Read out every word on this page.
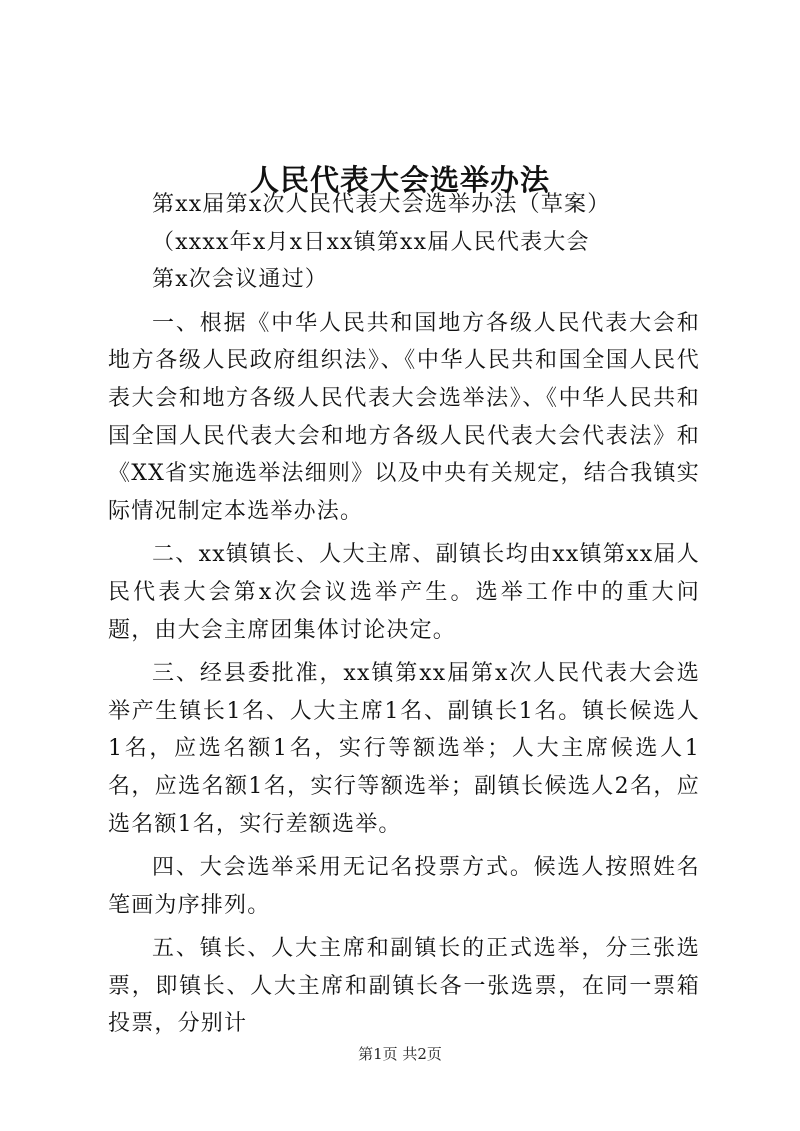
人民代表大会选举办法

第xx届第x次人民代表大会选举办法（草案）

（xxxx年x月x日xx镇第xx届人民代表大会

第x次会议通过）

一、根据《中华人民共和国地方各级人民代表大会和地方各级人民政府组织法》、《中华人民共和国全国人民代表大会和地方各级人民代表大会选举法》、《中华人民共和国全国人民代表大会和地方各级人民代表大会代表法》和《XX省实施选举法细则》以及中央有关规定，结合我镇实际情况制定本选举办法。

二、xx镇镇长、人大主席、副镇长均由xx镇第xx届人民代表大会第x次会议选举产生。选举工作中的重大问题，由大会主席团集体讨论决定。

三、经县委批准，xx镇第xx届第x次人民代表大会选举产生镇长1名、人大主席1名、副镇长1名。镇长候选人1名，应选名额1名，实行等额选举；人大主席候选人1名，应选名额1名，实行等额选举；副镇长候选人2名，应选名额1名，实行差额选举。

四、大会选举采用无记名投票方式。候选人按照姓名笔画为序排列。

五、镇长、人大主席和副镇长的正式选举，分三张选票，即镇长、人大主席和副镇长各一张选票，在同一票箱投票，分别计

第1页 共2页
